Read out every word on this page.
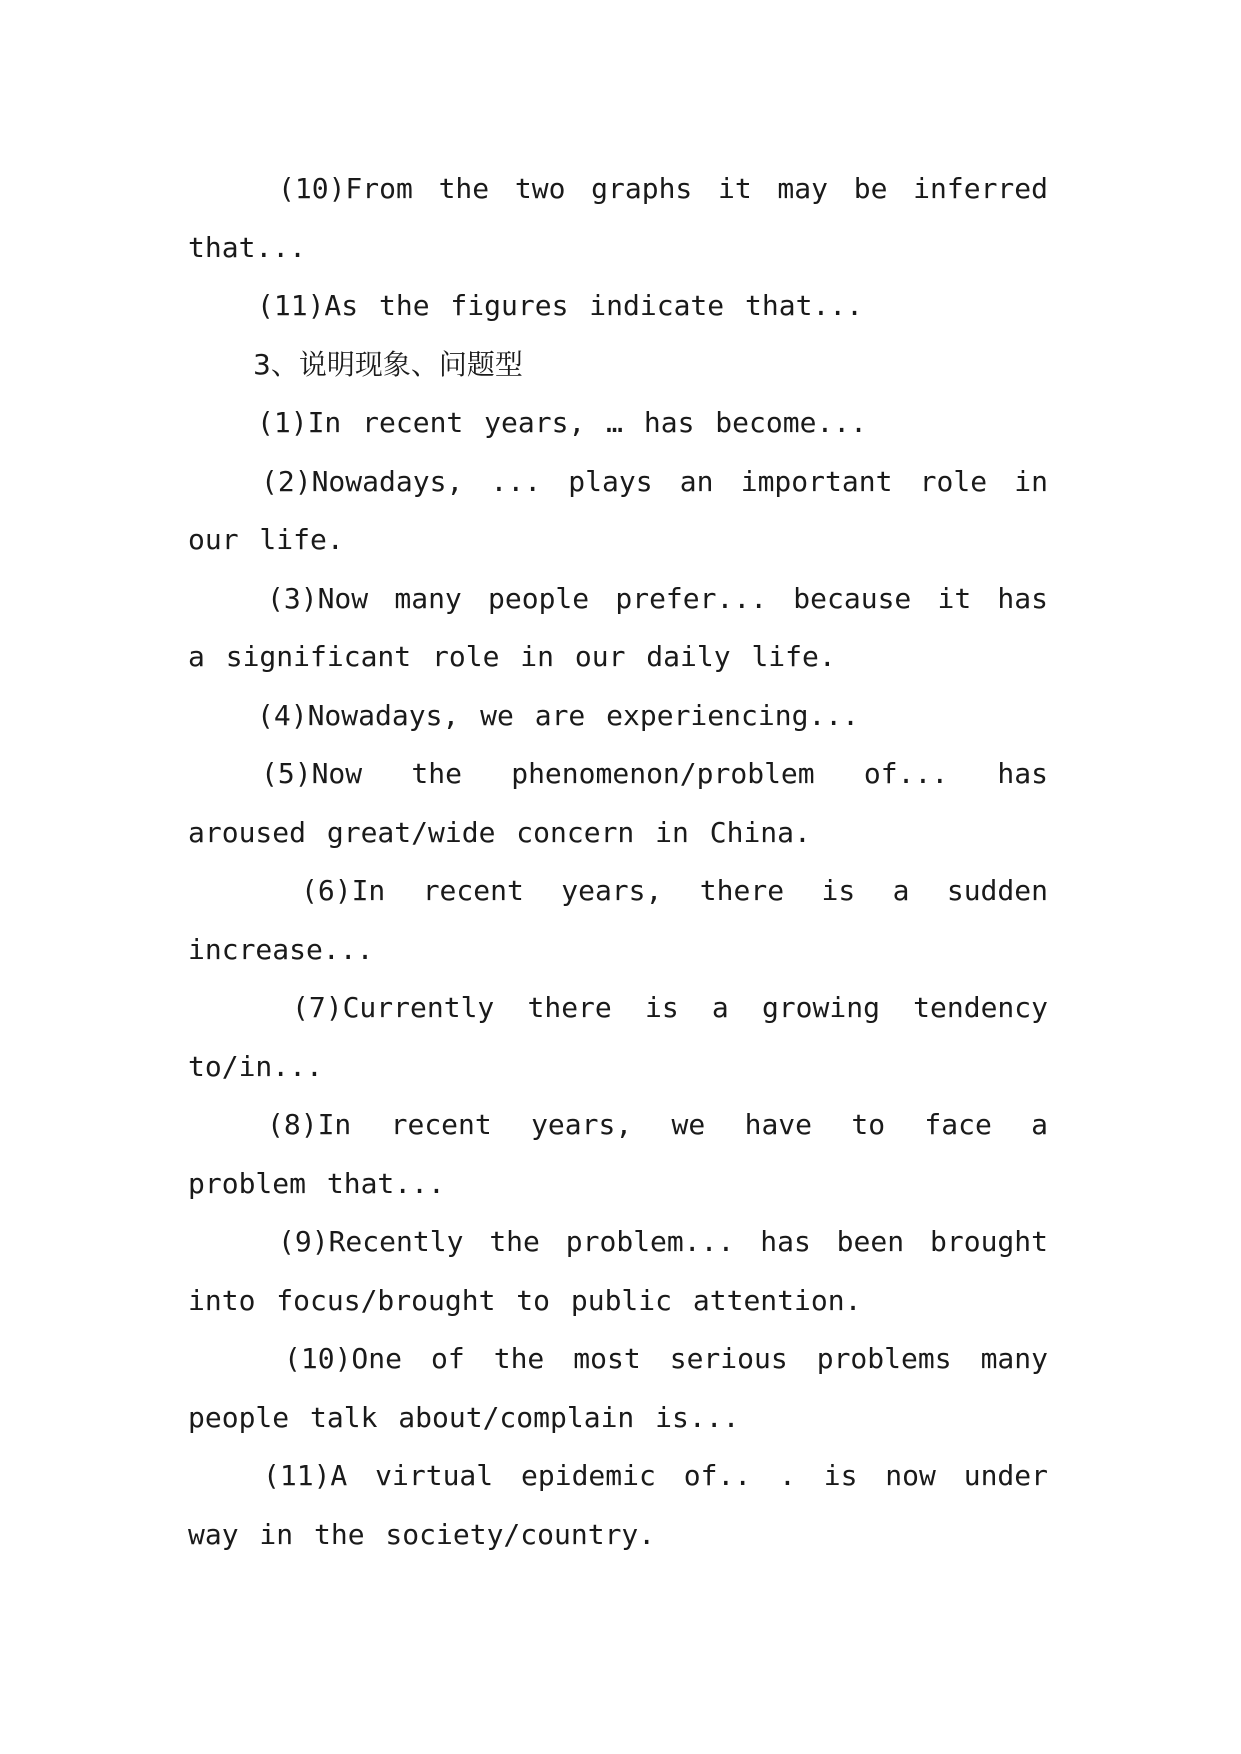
(10)From the two graphs it may be inferred that...

(11)As the figures indicate that...

3、说明现象、问题型

(1)In recent years, … has become...

(2)Nowadays, ... plays an important role in our life.

(3)Now many people prefer... because it has a significant role in our daily life.

(4)Nowadays, we are experiencing...

(5)Now the phenomenon/problem of... has aroused great/wide concern in China.

(6)In recent years, there is a sudden increase...

(7)Currently there is a growing tendency to/in...

(8)In recent years, we have to face a problem that...

(9)Recently the problem... has been brought into focus/brought to public attention.

(10)One of the most serious problems many people talk about/complain is...

(11)A virtual epidemic of.. . is now under way in the society/country.
